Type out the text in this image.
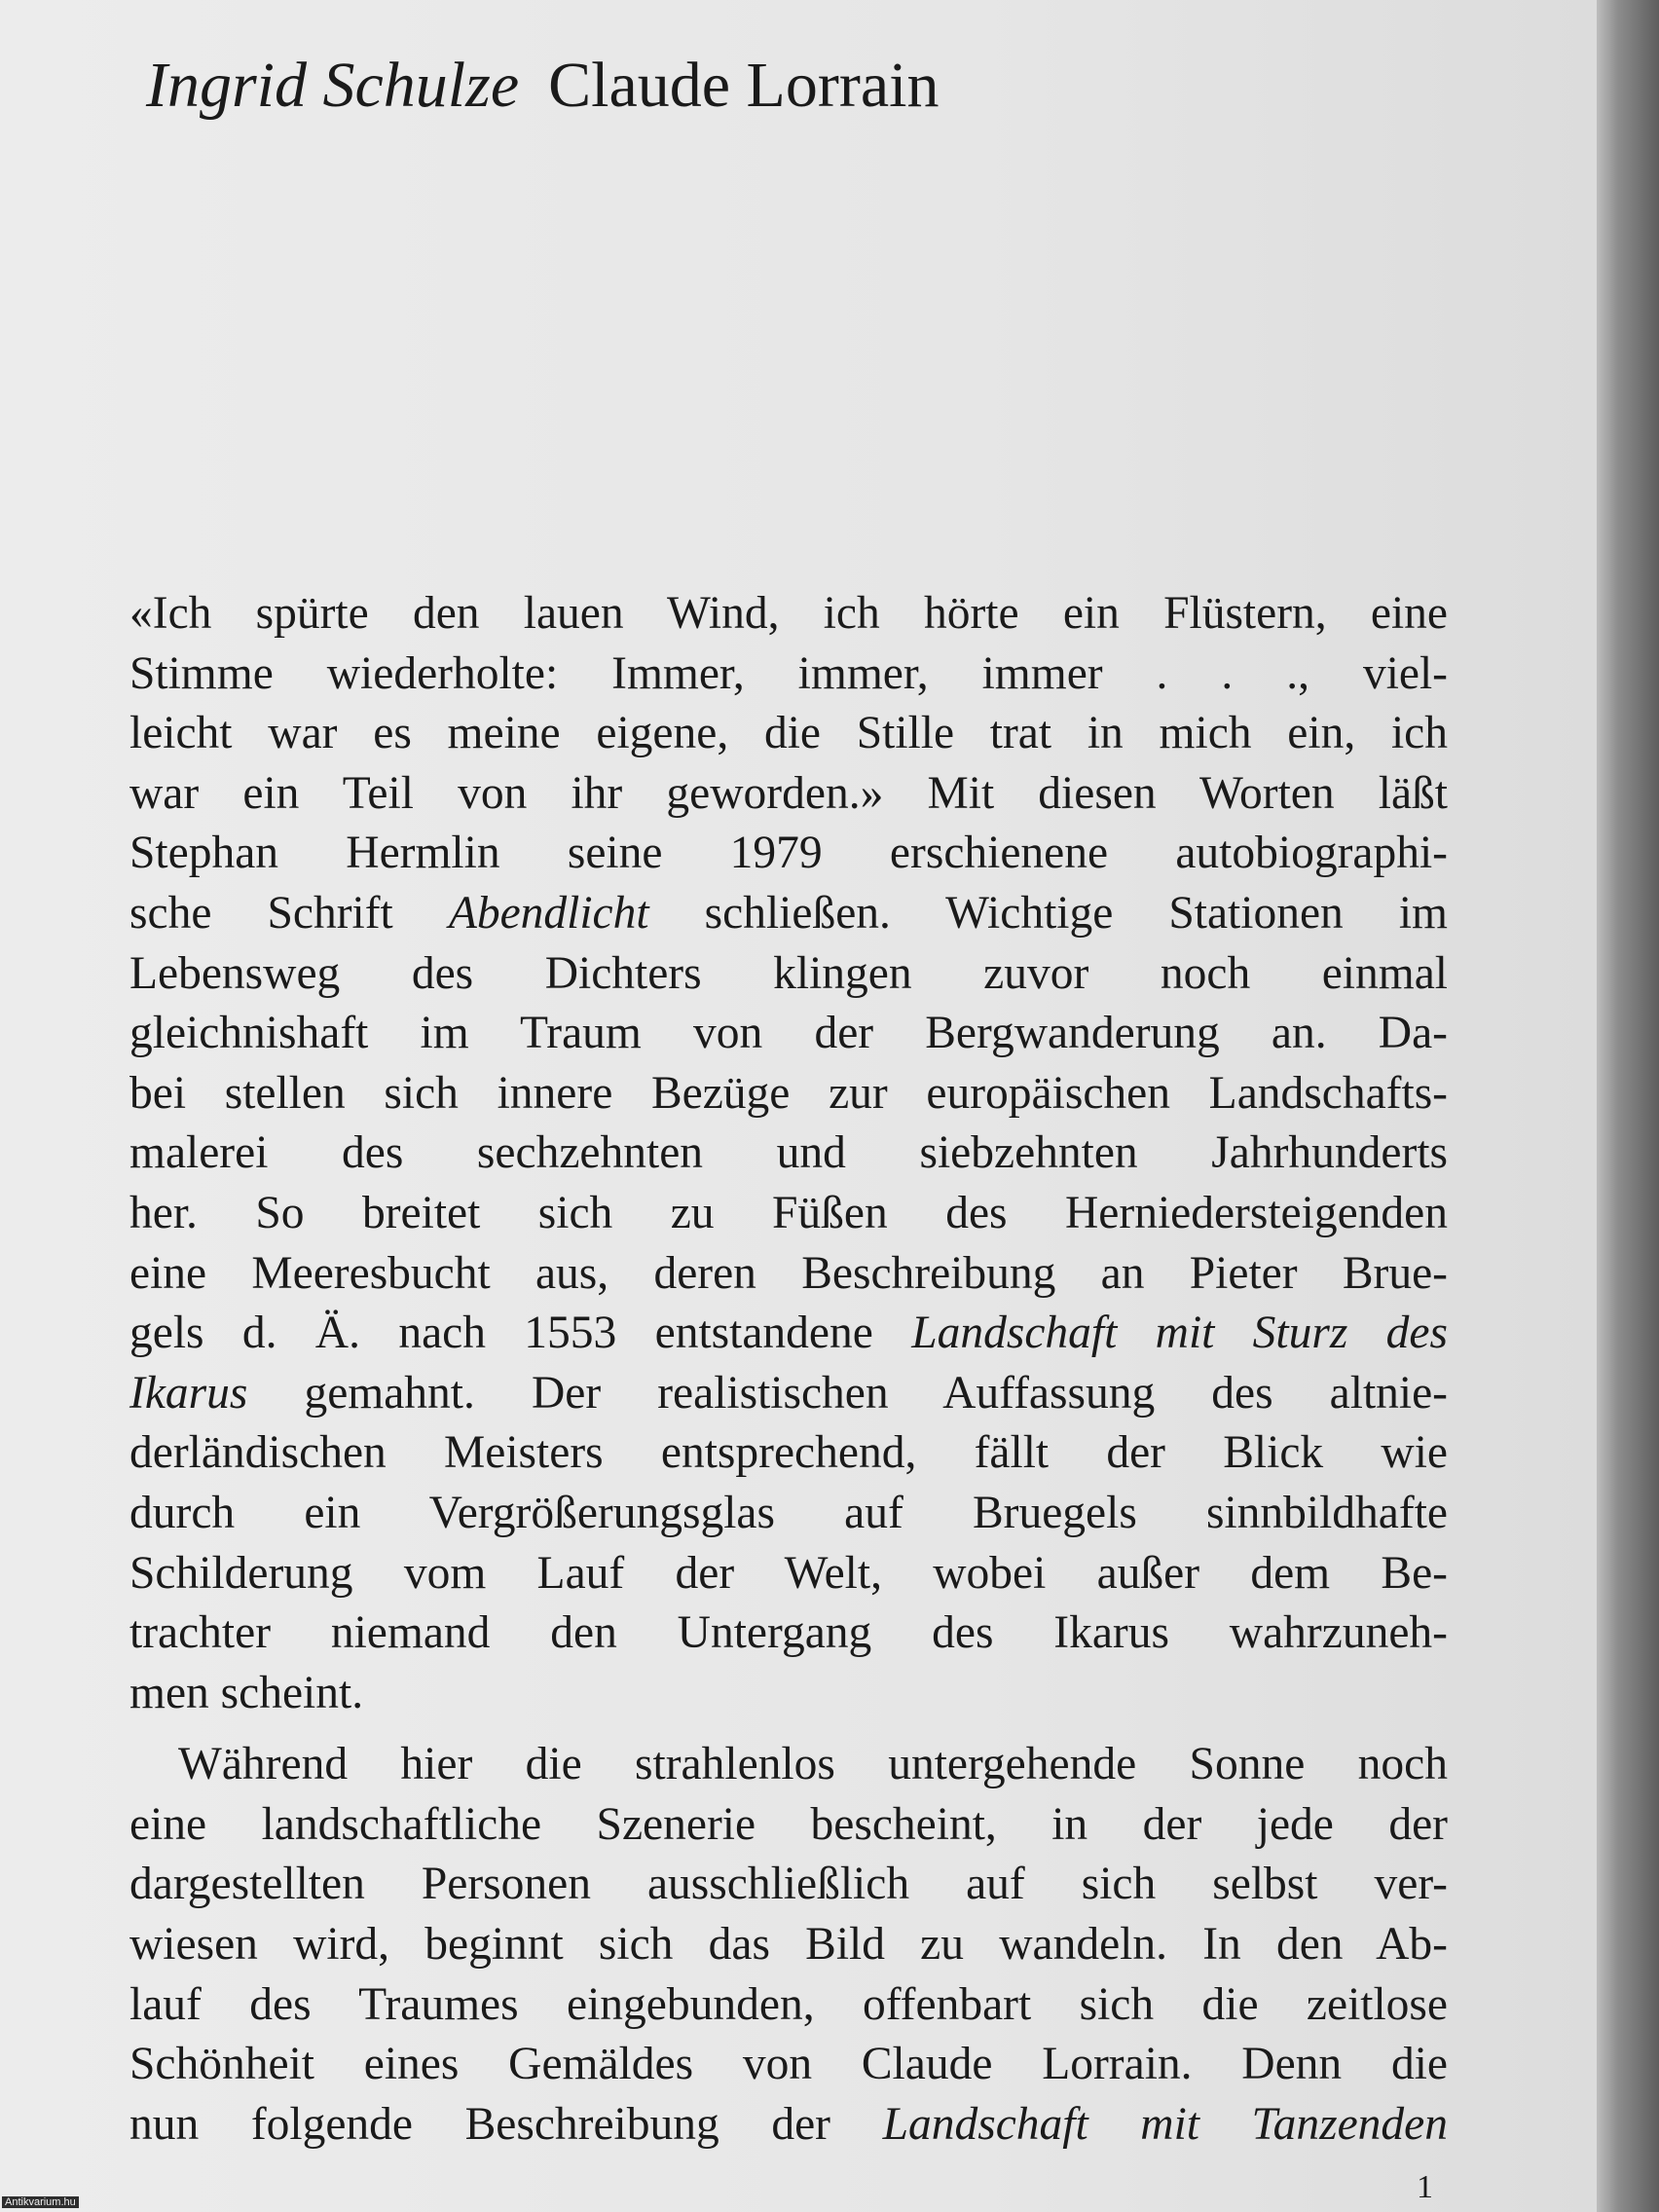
Ingrid Schulze Claude Lorrain
«Ich spürte den lauen Wind, ich hörte ein Flüstern, eine
Stimme wiederholte: Immer, immer, immer . . ., viel-
leicht war es meine eigene, die Stille trat in mich ein, ich
war ein Teil von ihr geworden.» Mit diesen Worten läßt
Stephan Hermlin seine 1979 erschienene autobiographi-
sche Schrift Abendlicht schließen. Wichtige Stationen im
Lebensweg des Dichters klingen zuvor noch einmal
gleichnishaft im Traum von der Bergwanderung an. Da-
bei stellen sich innere Bezüge zur europäischen Landschafts-
malerei des sechzehnten und siebzehnten Jahrhunderts
her. So breitet sich zu Füßen des Herniedersteigenden
eine Meeresbucht aus, deren Beschreibung an Pieter Brue-
gels d. Ä. nach 1553 entstandene Landschaft mit Sturz des
Ikarus gemahnt. Der realistischen Auffassung des altnie-
derländischen Meisters entsprechend, fällt der Blick wie
durch ein Vergrößerungsglas auf Bruegels sinnbildhafte
Schilderung vom Lauf der Welt, wobei außer dem Be-
trachter niemand den Untergang des Ikarus wahrzuneh-
men scheint.
Während hier die strahlenlos untergehende Sonne noch
eine landschaftliche Szenerie bescheint, in der jede der
dargestellten Personen ausschließlich auf sich selbst ver-
wiesen wird, beginnt sich das Bild zu wandeln. In den Ab-
lauf des Traumes eingebunden, offenbart sich die zeitlose
Schönheit eines Gemäldes von Claude Lorrain. Denn die
nun folgende Beschreibung der Landschaft mit Tanzenden
1
Antikvarium.hu
